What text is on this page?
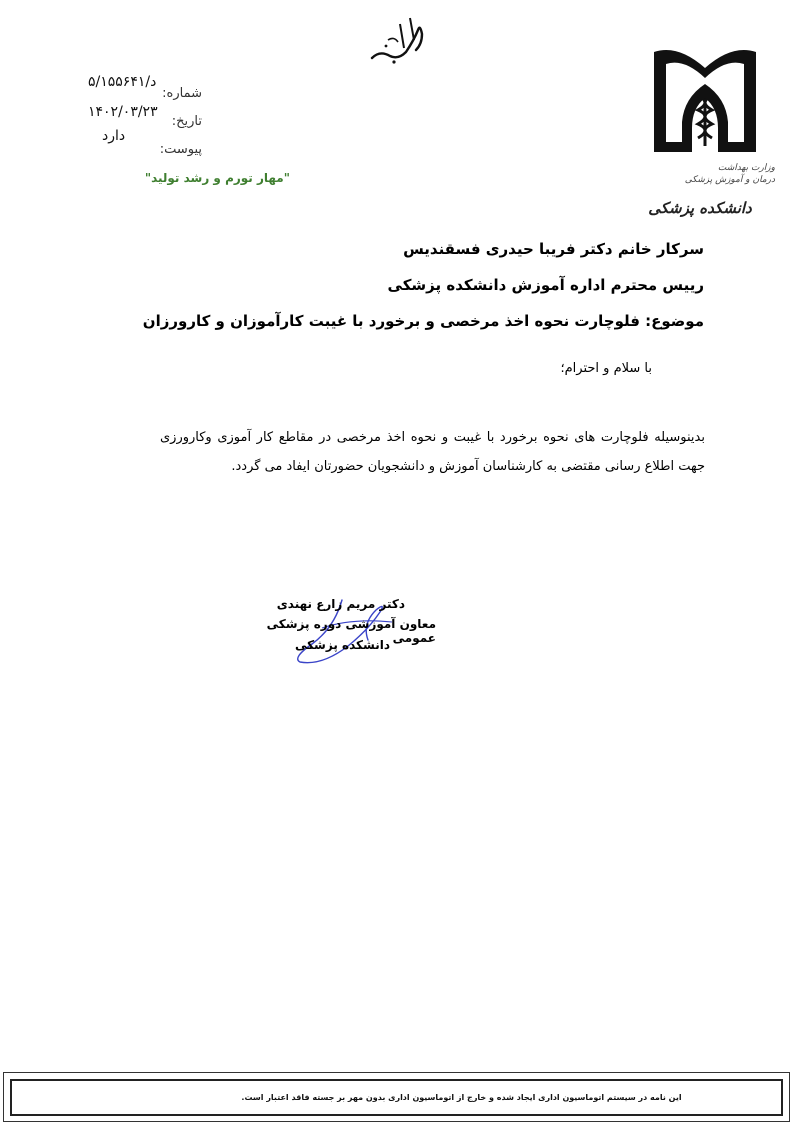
وزارت بهداشت
درمان و آموزش پزشکی
دانشکده پزشکی
شماره:
۵/د/۱۵۵۶۴۱
تاریخ:
۱۴۰۲/۰۳/۲۳
پیوست:
دارد
"مهار تورم و رشد تولید"
سرکار خانم دکتر فریبا حیدری فسقندیس
رییس محترم اداره آموزش دانشکده پزشکی
موضوع: فلوچارت نحوه اخذ مرخصی و برخورد با غیبت کارآموزان و کارورزان
با سلام و احترام؛
بدینوسیله فلوچارت های نحوه برخورد با غیبت و نحوه اخذ مرخصی در مقاطع کار آموزی وکارورزی جهت اطلاع رسانی مقتضی به کارشناسان آموزش و دانشجویان حضورتان ایفاد می گردد.
دکتر مریم زارع نهندی
معاون آموزشی دوره پزشکی عمومی
دانشکده پزشکی
این نامه در سیستم اتوماسیون اداری ایجاد شده و خارج از اتوماسیون اداری بدون مهر بر جسته فاقد اعتبار است.
